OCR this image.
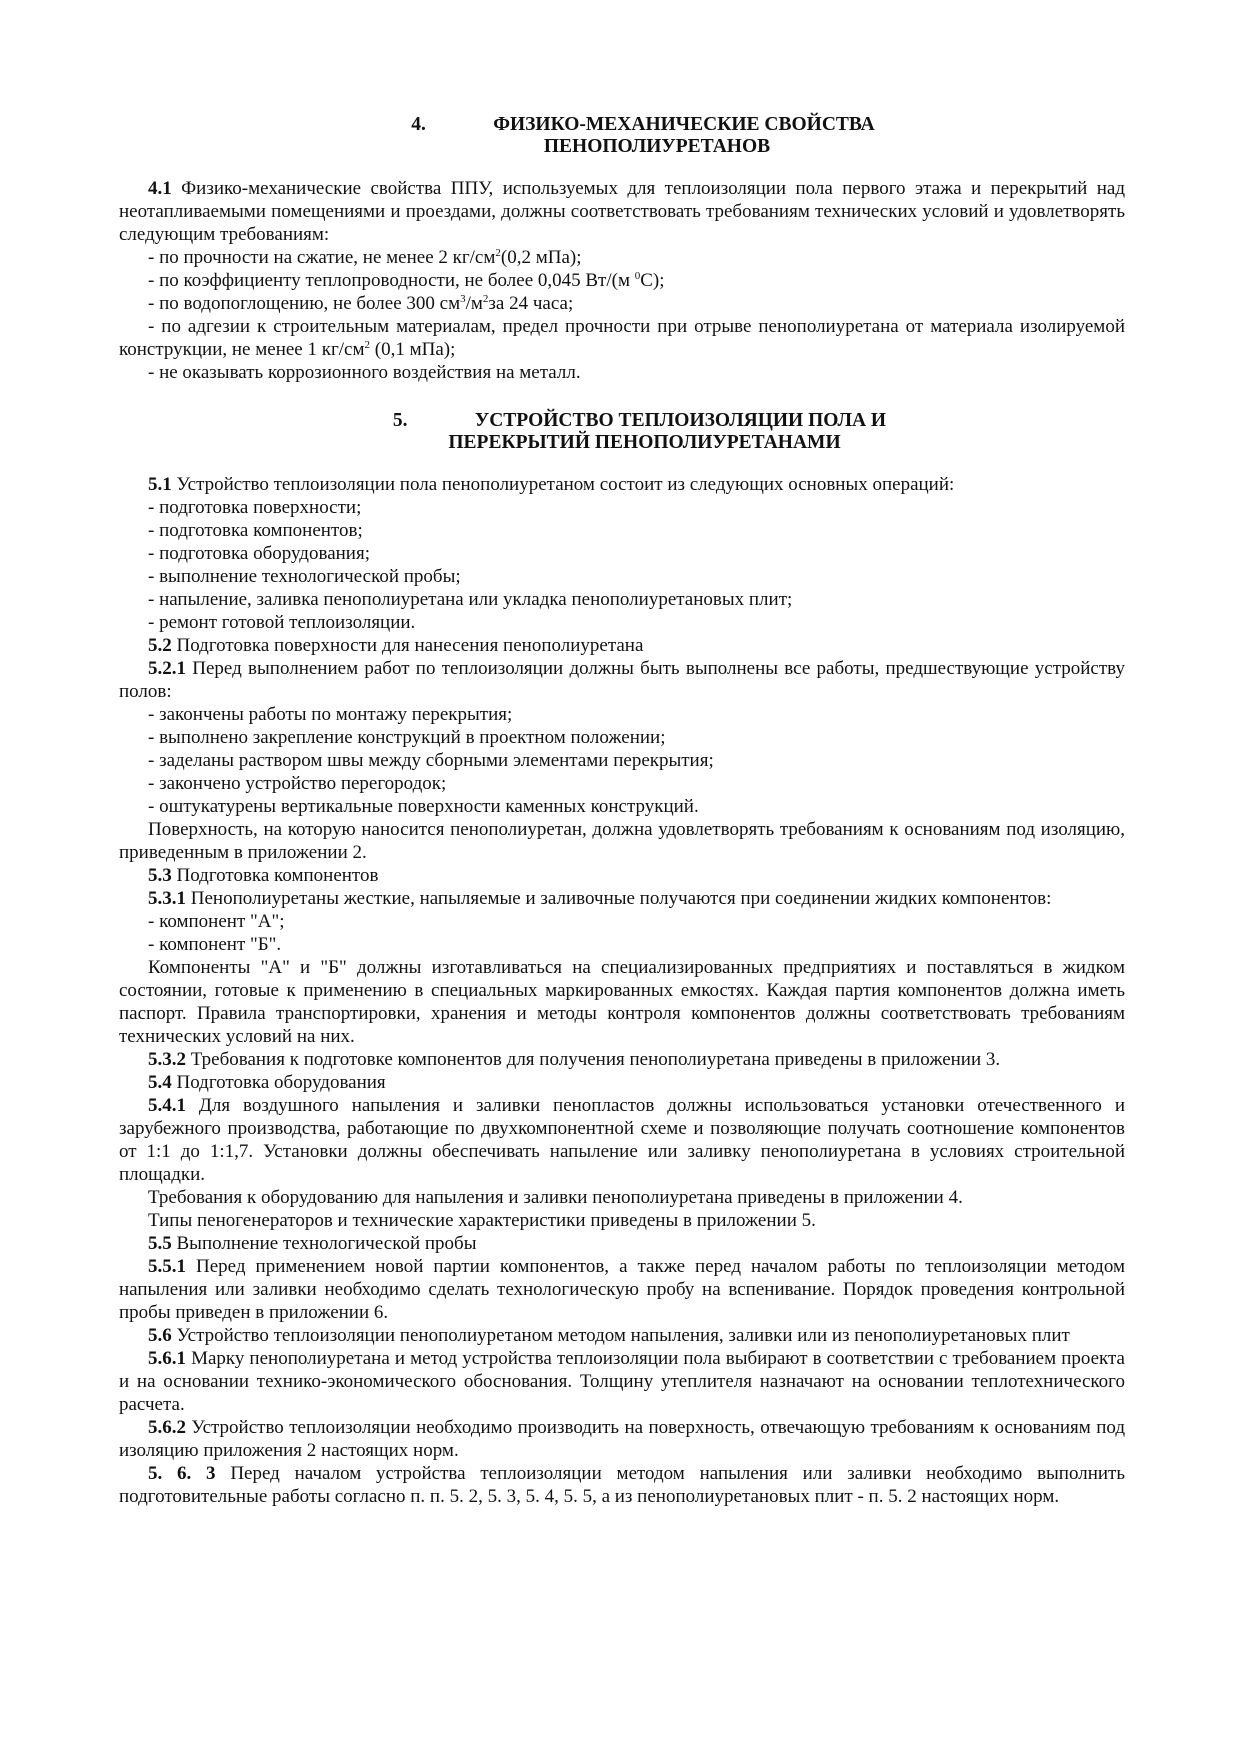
4.	ФИЗИКО-МЕХАНИЧЕСКИЕ СВОЙСТВА
ПЕНОПОЛИУРЕТАНОВ

4.1 Физико-механические свойства ППУ, используемых для теплоизоляции пола первого этажа и перекрытий над неотапливаемыми помещениями и проездами, должны соответствовать требованиям технических условий и удовлетворять следующим требованиям:

- по прочности на сжатие, не менее 2 $кг/см^2(0,2$ мПа);

- по коэффициенту теплопроводности, не более 0,045 Вт/(м $^0$С);

- по водопоглощению, не более 300 $см^3/м^2за$ 24 часа;

- по адгезии к строительным материалам, предел прочности при отрыве пенополиуретана от материала изолируемой конструкции, не менее 1 $кг/см^2$ (0,1 мПа);

- не оказывать коррозионного воздействия на металл.

5.	УСТРОЙСТВО ТЕПЛОИЗОЛЯЦИИ ПОЛА И
ПЕРЕКРЫТИЙ ПЕНОПОЛИУРЕТАНАМИ

5.1 Устройство теплоизоляции пола пенополиуретаном состоит из следующих основных операций:

- подготовка поверхности;

- подготовка компонентов;

- подготовка оборудования;

- выполнение технологической пробы;

- напыление, заливка пенополиуретана или укладка пенополиуретановых плит;

- ремонт готовой теплоизоляции.

5.2 Подготовка поверхности для нанесения пенополиуретана

5.2.1 Перед выполнением работ по теплоизоляции должны быть выполнены все работы, предшествующие устройству полов:

- закончены работы по монтажу перекрытия;

- выполнено закрепление конструкций в проектном положении;

- заделаны раствором швы между сборными элементами перекрытия;

- закончено устройство перегородок;

- оштукатурены вертикальные поверхности каменных конструкций.

Поверхность, на которую наносится пенополиуретан, должна удовлетворять требованиям к основаниям под изоляцию, приведенным в приложении 2.

5.3 Подготовка компонентов

5.3.1 Пенополиуретаны жесткие, напыляемые и заливочные получаются при соединении жидких компонентов:

- компонент "А";

- компонент "Б".

Компоненты "А" и "Б" должны изготавливаться на специализированных предприятиях и поставляться в жидком состоянии, готовые к применению в специальных маркированных емкостях. Каждая партия компонентов должна иметь паспорт. Правила транспортировки, хранения и методы контроля компонентов должны соответствовать требованиям технических условий на них.

5.3.2 Требования к подготовке компонентов для получения пенополиуретана приведены в приложении 3.

5.4 Подготовка оборудования

5.4.1 Для воздушного напыления и заливки пенопластов должны использоваться установки отечественного и зарубежного производства, работающие по двухкомпонентной схеме и позволяющие получать соотношение компонентов от 1:1 до 1:1,7. Установки должны обеспечивать напыление или заливку пенополиуретана в условиях строительной площадки.

Требования к оборудованию для напыления и заливки пенополиуретана приведены в приложении 4.

Типы пеногенераторов и технические характеристики приведены в приложении 5.

5.5 Выполнение технологической пробы

5.5.1 Перед применением новой партии компонентов, а также перед началом работы по теплоизоляции методом напыления или заливки необходимо сделать технологическую пробу на вспенивание. Порядок проведения контрольной пробы приведен в приложении 6.

5.6 Устройство теплоизоляции пенополиуретаном методом напыления, заливки или из пенополиуретановых плит

5.6.1 Марку пенополиуретана и метод устройства теплоизоляции пола выбирают в соответствии с требованием проекта и на основании технико-экономического обоснования. Толщину утеплителя назначают на основании теплотехнического расчета.

5.6.2 Устройство теплоизоляции необходимо производить на поверхность, отвечающую требованиям к основаниям под изоляцию приложения 2 настоящих норм.

5. 6. 3 Перед началом устройства теплоизоляции методом напыления или заливки необходимо выполнить подготовительные работы согласно п. п. 5. 2, 5. 3, 5. 4, 5. 5, а из пенополиуретановых плит - п. 5. 2 настоящих норм.
